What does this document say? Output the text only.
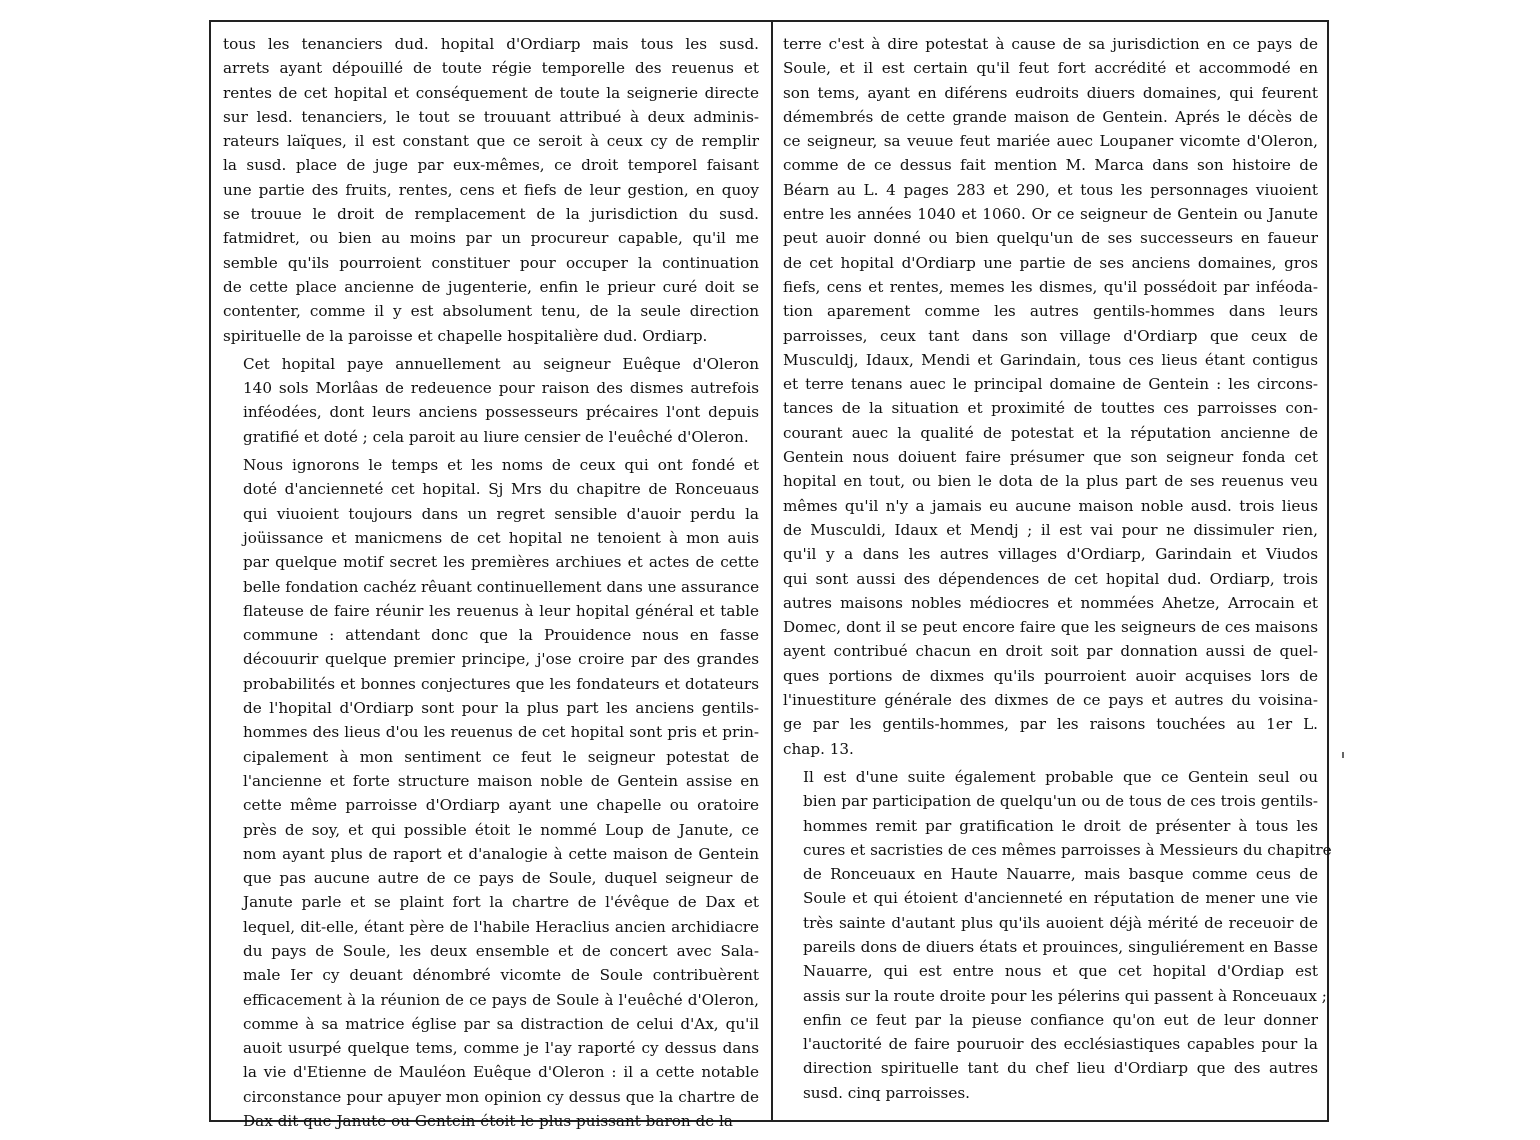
tous les tenanciers dud. hopital d'Ordiarp mais tous les susd.
arrets ayant dépouillé de toute régie temporelle des reuenus et
rentes de cet hopital et conséquement de toute la seignerie directe
sur lesd. tenanciers, le tout se trouuant attribué à deux adminis-
rateurs laïques, il est constant que ce seroit à ceux cy de remplir
la susd. place de juge par eux-mêmes, ce droit temporel faisant
une partie des fruits, rentes, cens et fiefs de leur gestion, en quoy
se trouue le droit de remplacement de la jurisdiction du susd.
fatmidret, ou bien au moins par un procureur capable, qu'il me
semble qu'ils pourroient constituer pour occuper la continuation
de cette place ancienne de jugenterie, enfin le prieur curé doit se
contenter, comme il y est absolument tenu, de la seule direction
spirituelle de la paroisse et chapelle hospitalière dud. Ordiarp.

Cet hopital paye annuellement au seigneur Euêque d'Oleron
140 sols Morlâas de redeuence pour raison des dismes autrefois
inféodées, dont leurs anciens possesseurs précaires l'ont depuis
gratifié et doté ; cela paroit au liure censier de l'euêché d'Oleron.

Nous ignorons le temps et les noms de ceux qui ont fondé et
doté d'ancienneté cet hopital. Sj Mrs du chapitre de Ronceuaus
qui viuoient toujours dans un regret sensible d'auoir perdu la
joüissance et manicmens de cet hopital ne tenoient à mon auis
par quelque motif secret les premières archiues et actes de cette
belle fondation cachéz rêuant continuellement dans une assurance
flateuse de faire réunir les reuenus à leur hopital général et table
commune : attendant donc que la Prouidence nous en fasse
découurir quelque premier principe, j'ose croire par des grandes
probabilités et bonnes conjectures que les fondateurs et dotateurs
de l'hopital d'Ordiarp sont pour la plus part les anciens gentils-
hommes des lieus d'ou les reuenus de cet hopital sont pris et prin-
cipalement à mon sentiment ce feut le seigneur potestat de
l'ancienne et forte structure maison noble de Gentein assise en
cette même parroisse d'Ordiarp ayant une chapelle ou oratoire
près de soy, et qui possible étoit le nommé Loup de Janute, ce
nom ayant plus de raport et d'analogie à cette maison de Gentein
que pas aucune autre de ce pays de Soule, duquel seigneur de
Janute parle et se plaint fort la chartre de l'évêque de Dax et
lequel, dit-elle, étant père de l'habile Heraclius ancien archidiacre
du pays de Soule, les deux ensemble et de concert avec Sala-
male Ier cy deuant dénombré vicomte de Soule contribuèrent
efficacement à la réunion de ce pays de Soule à l'euêché d'Oleron,
comme à sa matrice église par sa distraction de celui d'Ax, qu'il
auoit usurpé quelque tems, comme je l'ay raporté cy dessus dans
la vie d'Etienne de Mauléon Euêque d'Oleron : il a cette notable
circonstance pour apuyer mon opinion cy dessus que la chartre de
Dax dit que Janute ou Gentein étoit le plus puissant baron de la

terre c'est à dire potestat à cause de sa jurisdiction en ce pays de
Soule, et il est certain qu'il feut fort accrédité et accommodé en
son tems, ayant en diférens eudroits diuers domaines, qui feurent
démembrés de cette grande maison de Gentein. Aprés le décès de
ce seigneur, sa veuue feut mariée auec Loupaner vicomte d'Oleron,
comme de ce dessus fait mention M. Marca dans son histoire de
Béarn au L. 4 pages 283 et 290, et tous les personnages viuoient
entre les années 1040 et 1060. Or ce seigneur de Gentein ou Janute
peut auoir donné ou bien quelqu'un de ses successeurs en faueur
de cet hopital d'Ordiarp une partie de ses anciens domaines, gros
fiefs, cens et rentes, memes les dismes, qu'il possédoit par inféoda-
tion aparement comme les autres gentils-hommes dans leurs
parroisses, ceux tant dans son village d'Ordiarp que ceux de
Musculdj, Idaux, Mendi et Garindain, tous ces lieus étant contigus
et terre tenans auec le principal domaine de Gentein : les circons-
tances de la situation et proximité de touttes ces parroisses con-
courant auec la qualité de potestat et la réputation ancienne de
Gentein nous doiuent faire présumer que son seigneur fonda cet
hopital en tout, ou bien le dota de la plus part de ses reuenus veu
mêmes qu'il n'y a jamais eu aucune maison noble ausd. trois lieus
de Musculdi, Idaux et Mendj ; il est vai pour ne dissimuler rien,
qu'il y a dans les autres villages d'Ordiarp, Garindain et Viudos
qui sont aussi des dépendences de cet hopital dud. Ordiarp, trois
autres maisons nobles médiocres et nommées Ahetze, Arrocain et
Domec, dont il se peut encore faire que les seigneurs de ces maisons
ayent contribué chacun en droit soit par donnation aussi de quel-
ques portions de dixmes qu'ils pourroient auoir acquises lors de
l'inuestiture générale des dixmes de ce pays et autres du voisina-
ge par les gentils-hommes, par les raisons touchées au 1er L.
chap. 13.

Il est d'une suite également probable que ce Gentein seul ou
bien par participation de quelqu'un ou de tous de ces trois gentils-
hommes remit par gratification le droit de présenter à tous les
cures et sacristies de ces mêmes parroisses à Messieurs du chapitre
de Ronceuaux en Haute Nauarre, mais basque comme ceus de
Soule et qui étoient d'ancienneté en réputation de mener une vie
très sainte d'autant plus qu'ils auoient déjà mérité de receuoir de
pareils dons de diuers états et prouinces, singuliérement en Basse
Nauarre, qui est entre nous et que cet hopital d'Ordiap est
assis sur la route droite pour les pélerins qui passent à Ronceuaux ;
enfin ce feut par la pieuse confiance qu'on eut de leur donner
l'auctorité de faire pouruoir des ecclésiastiques capables pour la
direction spirituelle tant du chef lieu d'Ordiarp que des autres
susd. cinq parroisses.
